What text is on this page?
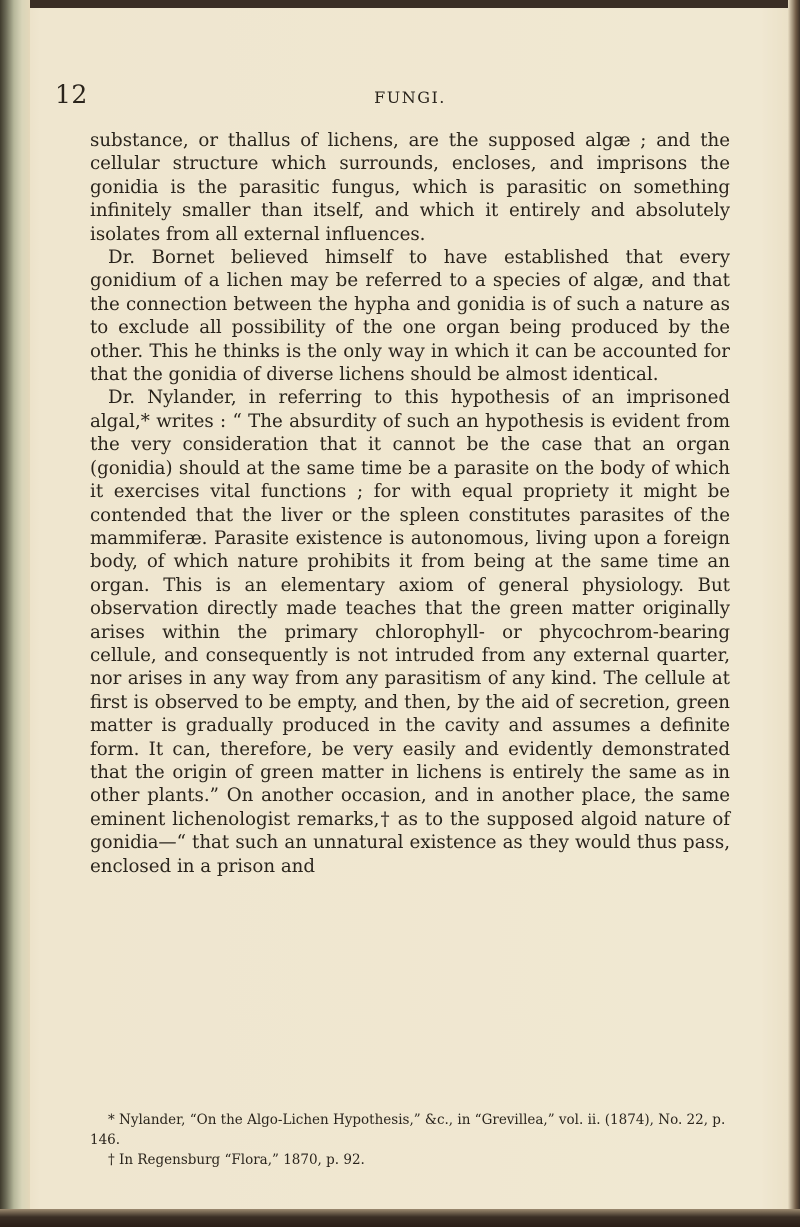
12	FUNGI.

substance, or thallus of lichens, are the supposed algæ ; and the cellular structure which surrounds, encloses, and imprisons the gonidia is the parasitic fungus, which is parasitic on something infinitely smaller than itself, and which it entirely and absolutely isolates from all external influences.

Dr. Bornet believed himself to have established that every gonidium of a lichen may be referred to a species of algæ, and that the connection between the hypha and gonidia is of such a nature as to exclude all possibility of the one organ being produced by the other. This he thinks is the only way in which it can be accounted for that the gonidia of diverse lichens should be almost identical.

Dr. Nylander, in referring to this hypothesis of an imprisoned algal,* writes : “ The absurdity of such an hypothesis is evident from the very consideration that it cannot be the case that an organ (gonidia) should at the same time be a parasite on the body of which it exercises vital functions ; for with equal propriety it might be contended that the liver or the spleen constitutes parasites of the mammiferæ. Parasite existence is autonomous, living upon a foreign body, of which nature prohibits it from being at the same time an organ. This is an elementary axiom of general physiology. But observation directly made teaches that the green matter originally arises within the primary chlorophyll- or phycochrom-bearing cellule, and consequently is not intruded from any external quarter, nor arises in any way from any parasitism of any kind. The cellule at first is observed to be empty, and then, by the aid of secretion, green matter is gradually produced in the cavity and assumes a definite form. It can, therefore, be very easily and evidently demonstrated that the origin of green matter in lichens is entirely the same as in other plants.” On another occasion, and in another place, the same eminent lichenologist remarks,† as to the supposed algoid nature of gonidia—“ that such an unnatural existence as they would thus pass, enclosed in a prison and

* Nylander, “On the Algo-Lichen Hypothesis,” &c., in “Grevillea,” vol. ii. (1874), No. 22, p. 146.

† In Regensburg “Flora,” 1870, p. 92.
